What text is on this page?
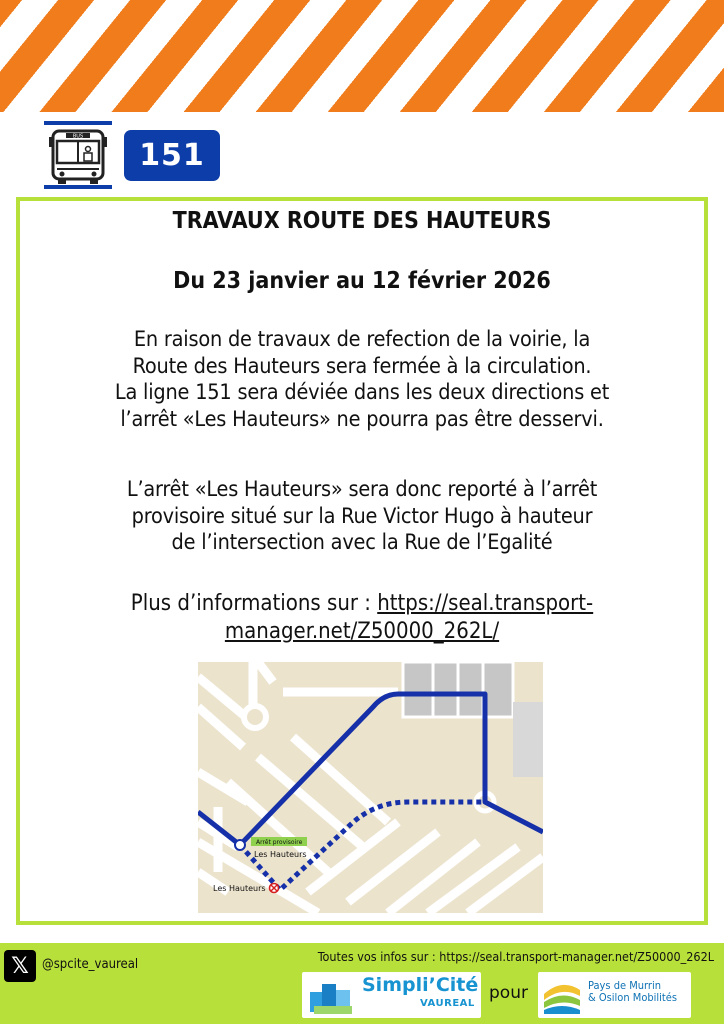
BUS
151
TRAVAUX ROUTE DES HAUTEURS
Du 23 janvier au 12 février 2026
En raison de travaux de refection de la voirie, la
Route des Hauteurs sera fermée à la circulation.
La ligne 151 sera déviée dans les deux directions et
l’arrêt «Les Hauteurs» ne pourra pas être desservi.
L’arrêt «Les Hauteurs» sera donc reporté à l’arrêt
provisoire situé sur la Rue Victor Hugo à hauteur
de l’intersection avec la Rue de l’Egalité
Plus d’informations sur : https://seal.transport-
manager.net/Z50000_262L/
Arrêt provisoire
Les Hauteurs
Les Hauteurs
𝕏	@spcite_vaureal
Toutes vos infos sur : https://seal.transport-manager.net/Z50000_262L
Simpli’Cité
VAUREAL
pour	Pays de Murrin
& Osilon Mobilités
